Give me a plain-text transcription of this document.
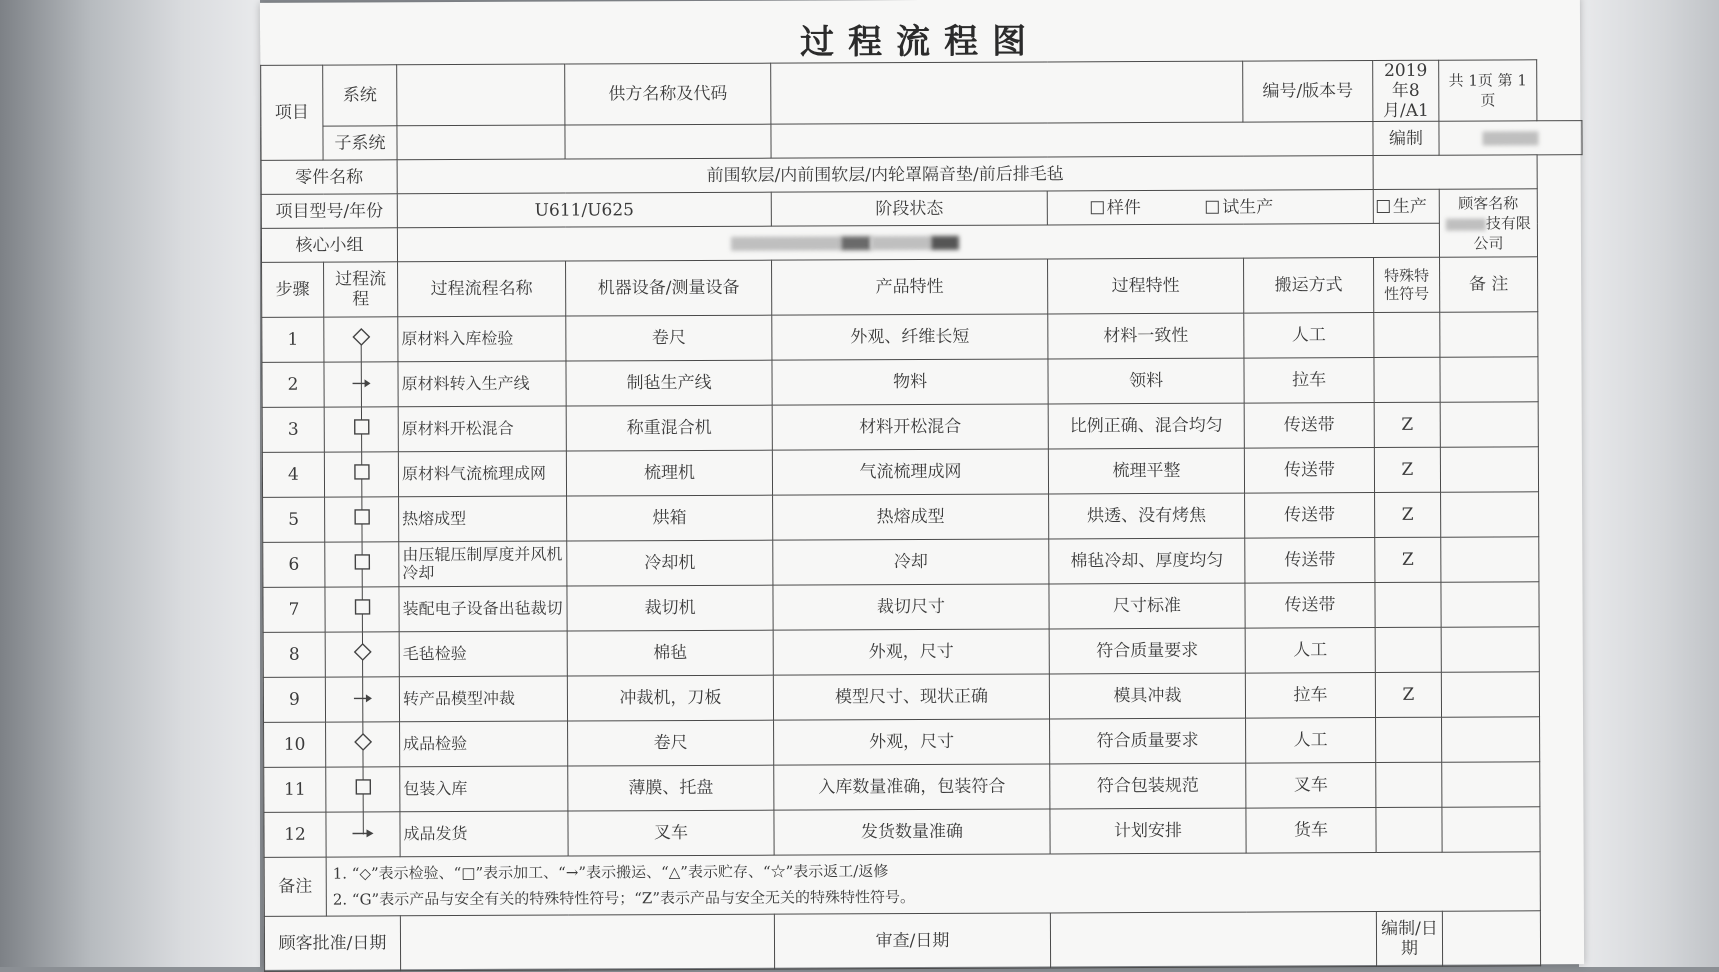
过程流程图
项目	系统		供方名称及代码			编号/版本号	2019年8月/A1	共 1页 第 1 页
	子系统						编制	
零件名称		前围软层/内前围软层/内轮罩隔音垫/前后排毛毡						
项目型号/年份		U611/U625		阶段状态	样件 试生产		生产	顾客名称
技有限
公司
核心小组								
步骤	过程流程	过程流程名称	机器设备/测量设备	产品特性	过程特性	搬运方式	特殊特性符号	备 注
1		原材料入库检验	卷尺	外观、纤维长短	材料一致性	人工		
2		原材料转入生产线	制毡生产线	物料	领料	拉车		
3		原材料开松混合	称重混合机	材料开松混合	比例正确、混合均匀	传送带	Z	
4		原材料气流梳理成网	梳理机	气流梳理成网	梳理平整	传送带	Z	
5		热熔成型	烘箱	热熔成型	烘透、没有烤焦	传送带	Z	
6		由压辊压制厚度并风机冷却	冷却机	冷却	棉毡冷却、厚度均匀	传送带	Z	
7		装配电子设备出毡裁切	裁切机	裁切尺寸	尺寸标准	传送带		
8		毛毡检验	棉毡	外观，尺寸	符合质量要求	人工		
9		转产品模型冲裁	冲裁机，刀板	模型尺寸、现状正确	模具冲裁	拉车	Z	
10		成品检验	卷尺	外观，尺寸	符合质量要求	人工		
11		包装入库	薄膜、托盘	入库数量准确，包装符合	符合包装规范	叉车		
12		成品发货	叉车	发货数量准确	计划安排	货车		
备注	1. “◇”表示检验、“□”表示加工、“→”表示搬运、“△”表示贮存、“☆”表示返工/返修
2. “G”表示产品与安全有关的特殊特性符号；“Z”表示产品与安全无关的特殊特性符号。							

顾客批准/日期				审查/日期			编制/日期	
